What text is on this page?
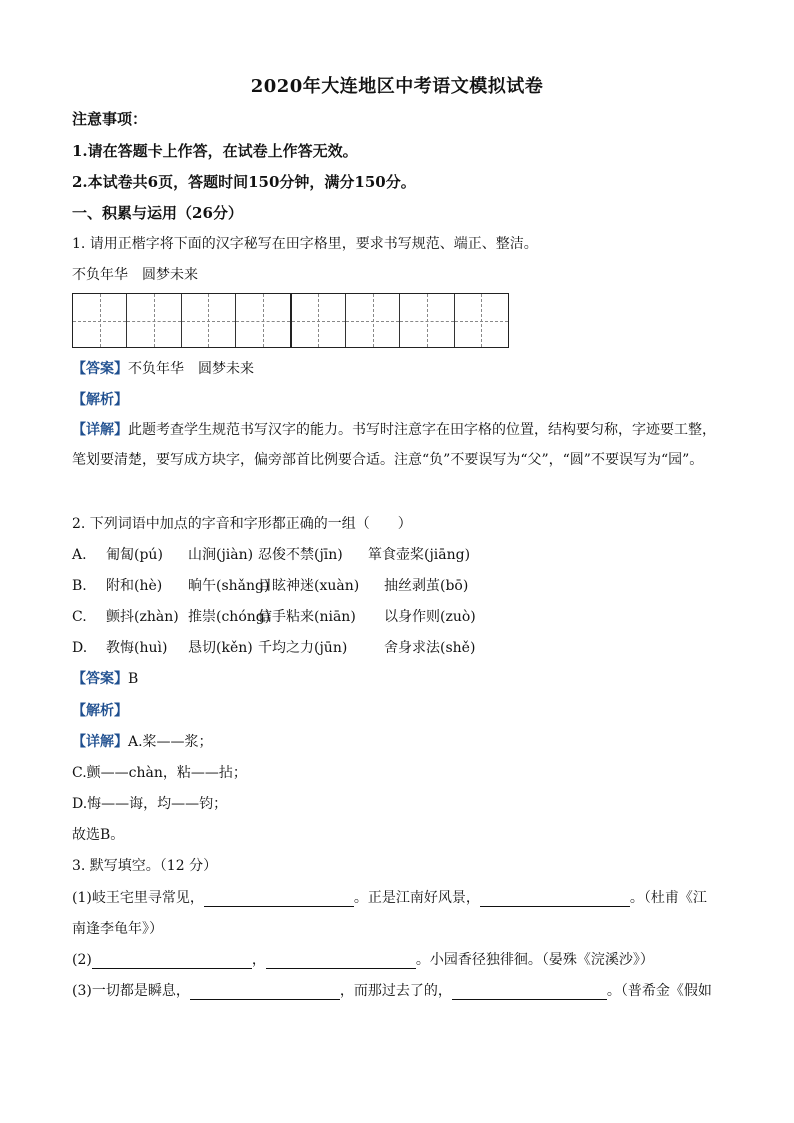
2020年大连地区中考语文模拟试卷
注意事项：
1.请在答题卡上作答，在试卷上作答无效。
2.本试卷共6页，答题时间150分钟，满分150分。
一、积累与运用（26分）
1. 请用正楷字将下面的汉字秘写在田字格里，要求书写规范、端正、整洁。
不负年华　圆梦未来
【答案】不负年华　圆梦未来
【解析】
【详解】此题考查学生规范书写汉字的能力。书写时注意字在田字格的位置，结构要匀称，字迹要工整，笔划要清楚，要写成方块字，偏旁部首比例要合适。注意“负”不要误写为“父”，“圆”不要误写为“园”。
2. 下列词语中加点的字音和字形都正确的一组（　　）
A. 匍匐(pú) 山涧(jiàn) 忍俊不禁(jīn) 箪食壶桨(jiāng)
B. 附和(hè) 晌午(shǎng)目眩神迷(xuàn) 抽丝剥茧(bō)
C. 颤抖(zhàn) 推崇(chóng)信手粘来(niān) 以身作则(zuò)
D. 教悔(huì) 恳切(kěn) 千均之力(jūn)	舍身求法(shě)
【答案】B
【解析】
【详解】A.桨——浆；
C.颤——chàn，粘——拈；
D.悔——诲，均——钧；
故选B。
3. 默写填空。（12 分）
(1)岐王宅里寻常见，	。正是江南好风景，	。（杜甫《江
南逢李龟年》）
(2)	，	。小园香径独徘徊。（晏殊《浣溪沙》）
(3)一切都是瞬息，	，而那过去了的，	。（普希金《假如
